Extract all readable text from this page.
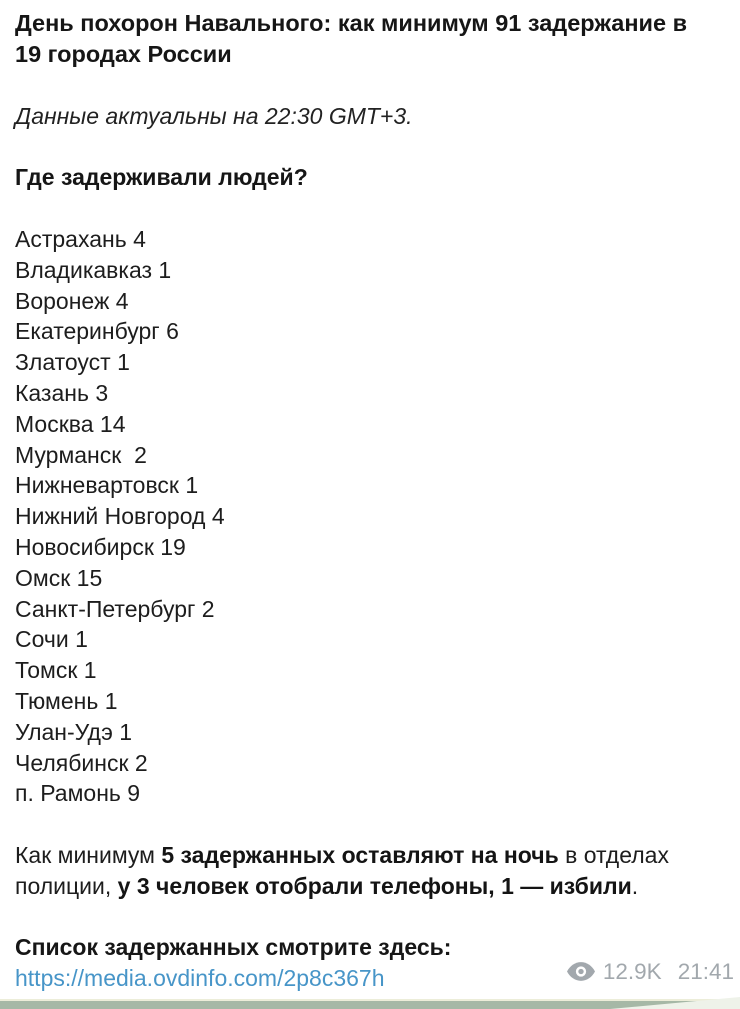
День похорон Навального: как минимум 91 задержание в 19 городах России

Данные актуальны на 22:30 GMT+3.

Где задерживали людей?

Астрахань 4
Владикавказ 1
Воронеж 4
Екатеринбург 6
Златоуст 1
Казань 3
Москва 14
Мурманск  2
Нижневартовск 1
Нижний Новгород 4
Новосибирск 19
Омск 15
Санкт-Петербург 2
Сочи 1
Томск 1
Тюмень 1
Улан-Удэ 1
Челябинск 2
п. Рамонь 9

Как минимум 5 задержанных оставляют на ночь в отделах полиции, у 3 человек отобрали телефоны, 1 — избили.

Список задержанных смотрите здесь:

https://media.ovdinfo.com/2p8c367h	12.9K 21:41
